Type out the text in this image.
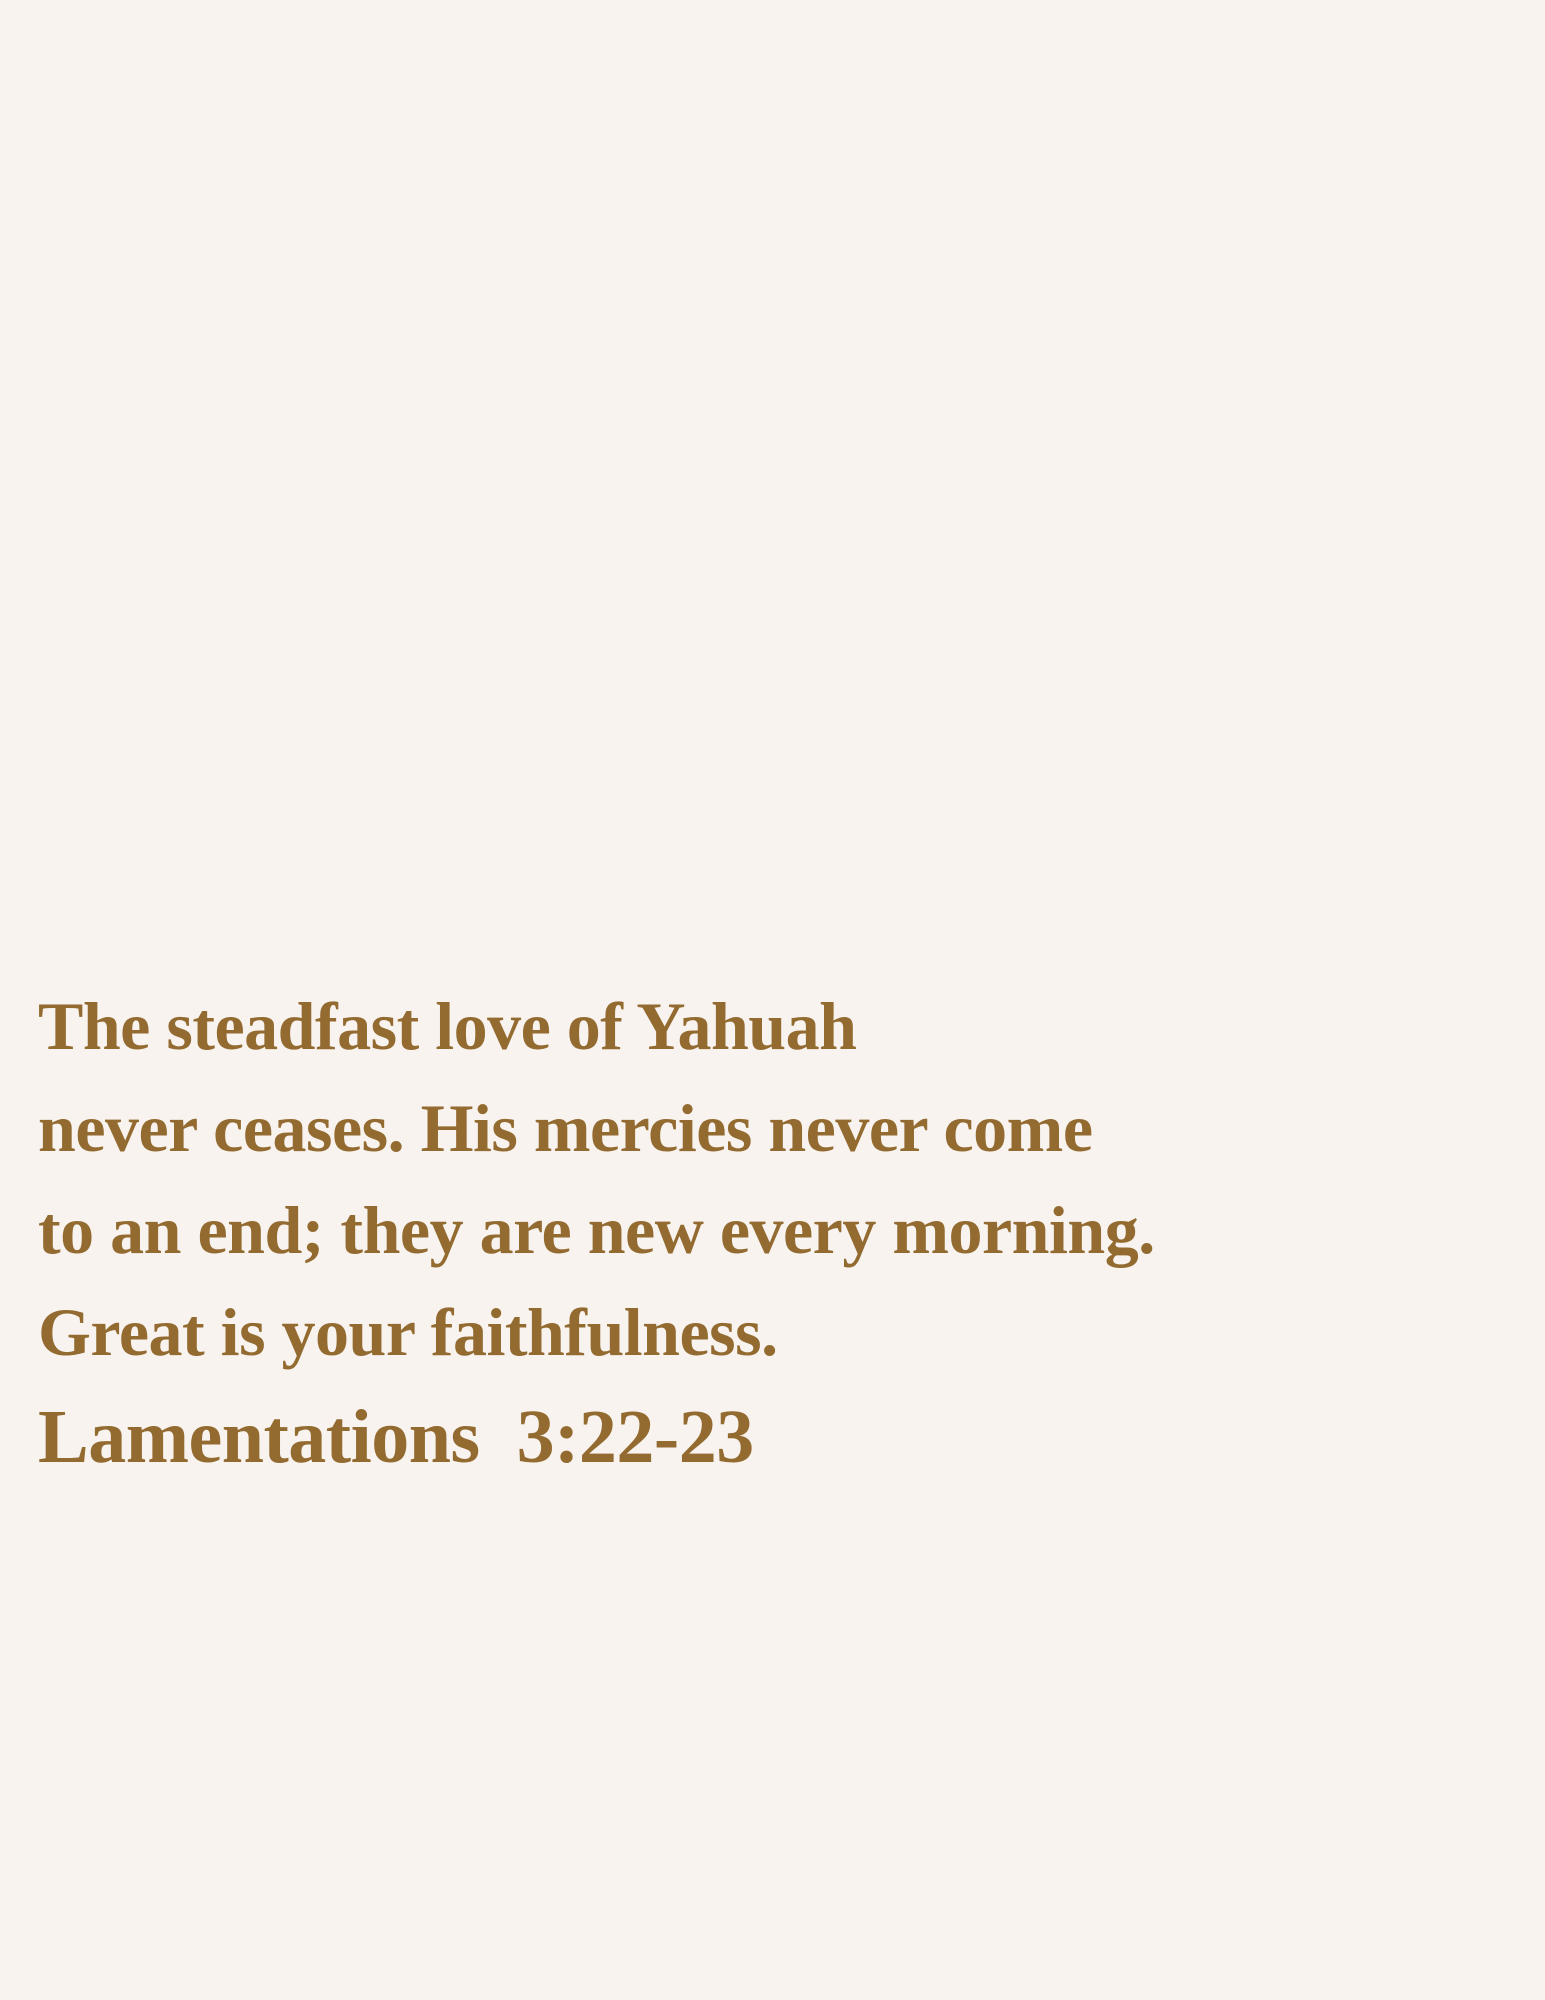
The steadfast love of Yahuah
never ceases. His mercies never come
to an end; they are new every morning.
Great is your faithfulness.
Lamentations  3:22-23
